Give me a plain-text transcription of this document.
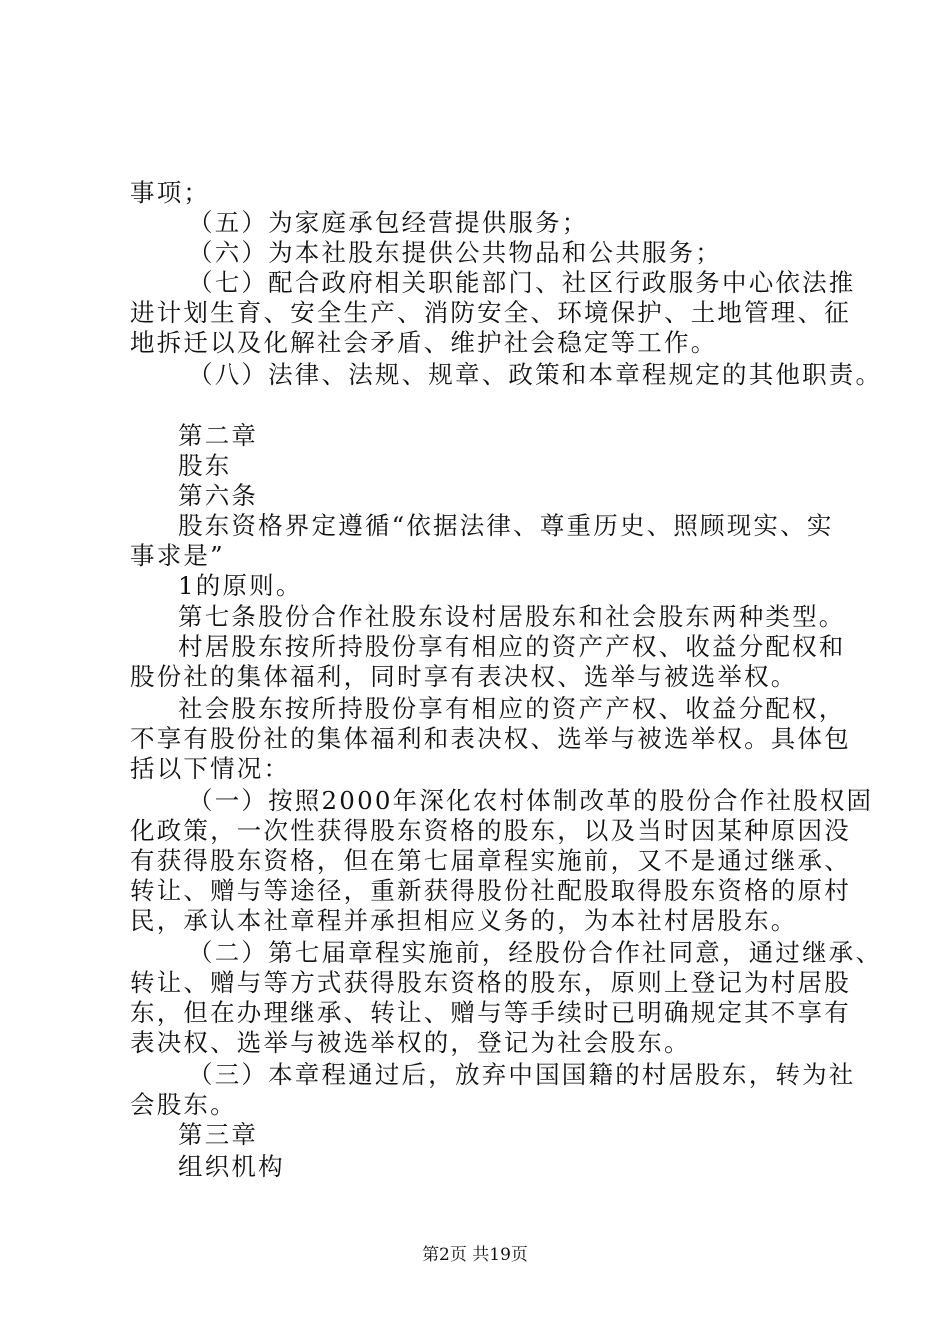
事项；
（五）为家庭承包经营提供服务；
（六）为本社股东提供公共物品和公共服务；
（七）配合政府相关职能部门、社区行政服务中心依法推
进计划生育、安全生产、消防安全、环境保护、土地管理、征
地拆迁以及化解社会矛盾、维护社会稳定等工作。
（八）法律、法规、规章、政策和本章程规定的其他职责。
第二章
股东
第六条
股东资格界定遵循“依据法律、尊重历史、照顾现实、实
事求是”
1的原则。
第七条股份合作社股东设村居股东和社会股东两种类型。
村居股东按所持股份享有相应的资产产权、收益分配权和
股份社的集体福利，同时享有表决权、选举与被选举权。
社会股东按所持股份享有相应的资产产权、收益分配权，
不享有股份社的集体福利和表决权、选举与被选举权。具体包
括以下情况：
（一）按照2000年深化农村体制改革的股份合作社股权固
化政策，一次性获得股东资格的股东，以及当时因某种原因没
有获得股东资格，但在第七届章程实施前，又不是通过继承、
转让、赠与等途径，重新获得股份社配股取得股东资格的原村
民，承认本社章程并承担相应义务的，为本社村居股东。
（二）第七届章程实施前，经股份合作社同意，通过继承、
转让、赠与等方式获得股东资格的股东，原则上登记为村居股
东，但在办理继承、转让、赠与等手续时已明确规定其不享有
表决权、选举与被选举权的，登记为社会股东。
（三）本章程通过后，放弃中国国籍的村居股东，转为社
会股东。
第三章
组织机构
第2页 共19页
